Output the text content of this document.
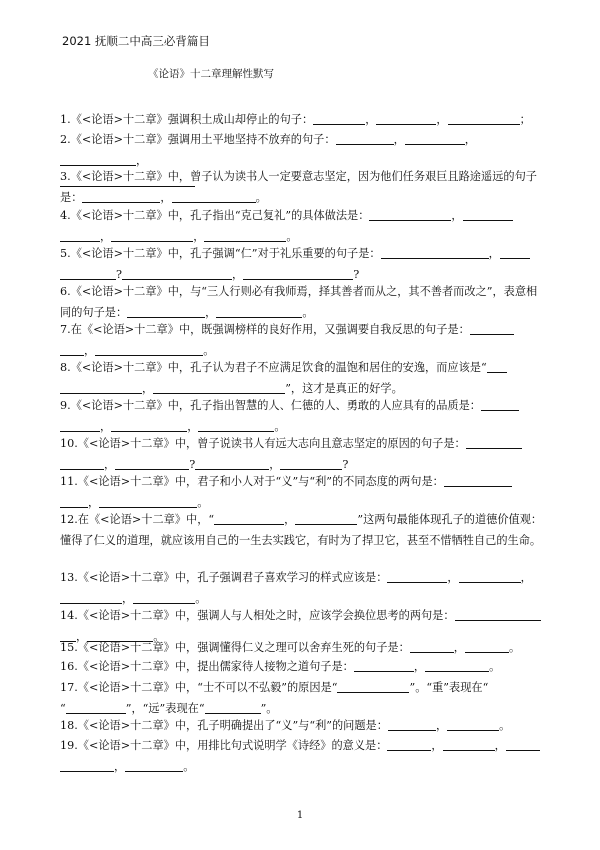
2021 抚顺二中高三必背篇目
《论语》十二章理解性默写
1.《<论语>十二章》强调积土成山却停止的句子：	，	，	；
2.《<论语>十二章》强调用土平地坚持不放弃的句子：	，	，，

3.《<论语>十二章》中，曾子认为读书人一定要意志坚定，因为他们任务艰巨且路途遥远的句子是：	，	。
4.《<论语>十二章》中，孔子指出“克己复礼”的具体做法是：	，
，	，	。
5.《<论语>十二章》中，孔子强调“仁”对于礼乐重要的句子是：	，
?	，	?
6.《<论语>十二章》中，与“三人行则必有我师焉，择其善者而从之，其不善者而改之”，表意相同的句子是：	，	。
7.在《<论语>十二章》中，既强调榜样的良好作用，又强调要自我反思的句子是：
，	。
8.《<论语>十二章》中，孔子认为君子不应满足饮食的温饱和居住的安逸，而应该是“
，	”，这才是真正的好学。
9.《<论语>十二章》中，孔子指出智慧的人、仁德的人、勇敢的人应具有的品质是：
，	，	。
10.《<论语>十二章》中，曾子说读书人有远大志向且意志坚定的原因的句子是：
，	?	，	?
11.《<论语>十二章》中，君子和小人对于“义”与“利”的不同态度的两句是：
，	。
12.在《<论语>十二章》中，“	，	”这两句最能体现孔子的道德价值观：懂得了仁义的道理，就应该用自己的一生去实践它，有时为了捍卫它，甚至不惜牺牲自己的生命。
13.《<论语>十二章》中，孔子强调君子喜欢学习的样式应该是：	，	，
，	。
14.《<论语>十二章》中，强调人与人相处之时，应该学会换位思考的两句是：
，	。
15.《<论语>十二章》中，强调懂得仁义之理可以舍弃生死的句子是：	，	。
16.《<论语>十二章》中，提出儒家待人接物之道句子是：	，	。
17.《<论语>十二章》中，“士不可以不弘毅”的原因是“	”。“重”表现在“
“	”，“远”表现在“	”。
18.《<论语>十二章》中，孔子明确提出了“义”与“利”的问题是：	，	。
19.《<论语>十二章》中，用排比句式说明学《诗经》的意义是：	，	，
，	。
1
